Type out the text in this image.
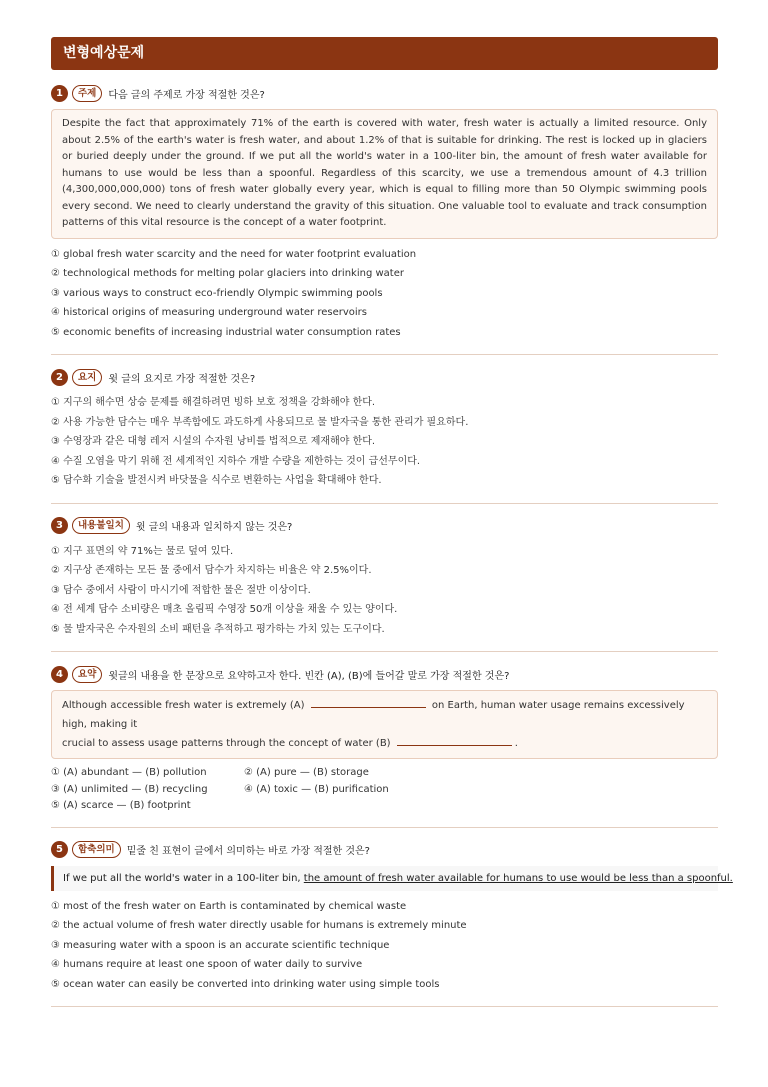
변형예상문제
1	주제	다음 글의 주제로 가장 적절한 것은?
Despite the fact that approximately 71% of the earth is covered with water, fresh water is actually a limited resource. Only about 2.5% of the earth's water is fresh water, and about 1.2% of that is suitable for drinking. The rest is locked up in glaciers or buried deeply under the ground. If we put all the world's water in a 100-liter bin, the amount of fresh water available for humans to use would be less than a spoonful. Regardless of this scarcity, we use a tremendous amount of 4.3 trillion (4,300,000,000,000) tons of fresh water globally every year, which is equal to filling more than 50 Olympic swimming pools every second. We need to clearly understand the gravity of this situation. One valuable tool to evaluate and track consumption patterns of this vital resource is the concept of a water footprint.
① global fresh water scarcity and the need for water footprint evaluation
② technological methods for melting polar glaciers into drinking water
③ various ways to construct eco-friendly Olympic swimming pools
④ historical origins of measuring underground water reservoirs
⑤ economic benefits of increasing industrial water consumption rates
2	요지	윗 글의 요지로 가장 적절한 것은?
① 지구의 해수면 상승 문제를 해결하려면 빙하 보호 정책을 강화해야 한다.
② 사용 가능한 담수는 매우 부족함에도 과도하게 사용되므로 물 발자국을 통한 관리가 필요하다.
③ 수영장과 같은 대형 레저 시설의 수자원 낭비를 법적으로 제재해야 한다.
④ 수질 오염을 막기 위해 전 세계적인 지하수 개발 수량을 제한하는 것이 급선무이다.
⑤ 담수화 기술을 발전시켜 바닷물을 식수로 변환하는 사업을 확대해야 한다.
3	내용불일치	윗 글의 내용과 일치하지 않는 것은?
① 지구 표면의 약 71%는 물로 덮여 있다.
② 지구상 존재하는 모든 물 중에서 담수가 차지하는 비율은 약 2.5%이다.
③ 담수 중에서 사람이 마시기에 적합한 물은 절반 이상이다.
④ 전 세계 담수 소비량은 매초 올림픽 수영장 50개 이상을 채울 수 있는 양이다.
⑤ 물 발자국은 수자원의 소비 패턴을 추적하고 평가하는 가치 있는 도구이다.
4	요약	윗글의 내용을 한 문장으로 요약하고자 한다. 빈칸 (A), (B)에 들어갈 말로 가장 적절한 것은?
Although accessible fresh water is extremely (A)	on Earth, human water usage remains excessively high, making it
crucial to assess usage patterns through the concept of water (B)	.
① (A) abundant — (B) pollution	② (A) pure — (B) storage
③ (A) unlimited — (B) recycling	④ (A) toxic — (B) purification
⑤ (A) scarce — (B) footprint
5	함축의미	밑줄 친 표현이 글에서 의미하는 바로 가장 적절한 것은?
If we put all the world's water in a 100-liter bin, the amount of fresh water available for humans to use would be less than a spoonful.
① most of the fresh water on Earth is contaminated by chemical waste
② the actual volume of fresh water directly usable for humans is extremely minute
③ measuring water with a spoon is an accurate scientific technique
④ humans require at least one spoon of water daily to survive
⑤ ocean water can easily be converted into drinking water using simple tools
